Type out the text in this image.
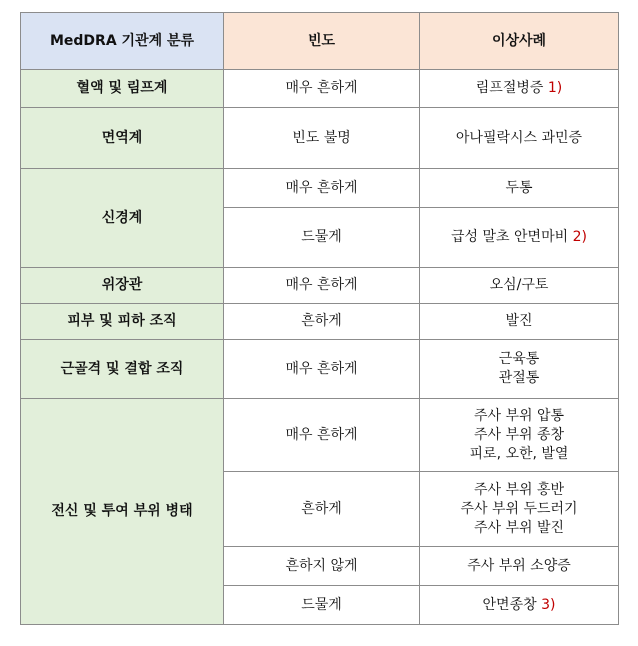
MedDRA 기관계 분류	빈도	이상사례
혈액 및 림프계	매우 흔하게	림프절병증 1)
면역계	빈도 불명	아나필락시스 과민증
신경계	매우 흔하게	두통
	드물게	급성 말초 안면마비 2)
위장관	매우 흔하게	오심/구토
피부 및 피하 조직	흔하게	발진
근골격 및 결합 조직	매우 흔하게	근육통
관절통

전신 및 투여 부위 병태	매우 흔하게	주사 부위 압통
주사 부위 종창
피로, 오한, 발열

	흔하게	주사 부위 홍반
주사 부위 두드러기
주사 부위 발진

	흔하지 않게	주사 부위 소양증
	드물게	안면종창 3)
